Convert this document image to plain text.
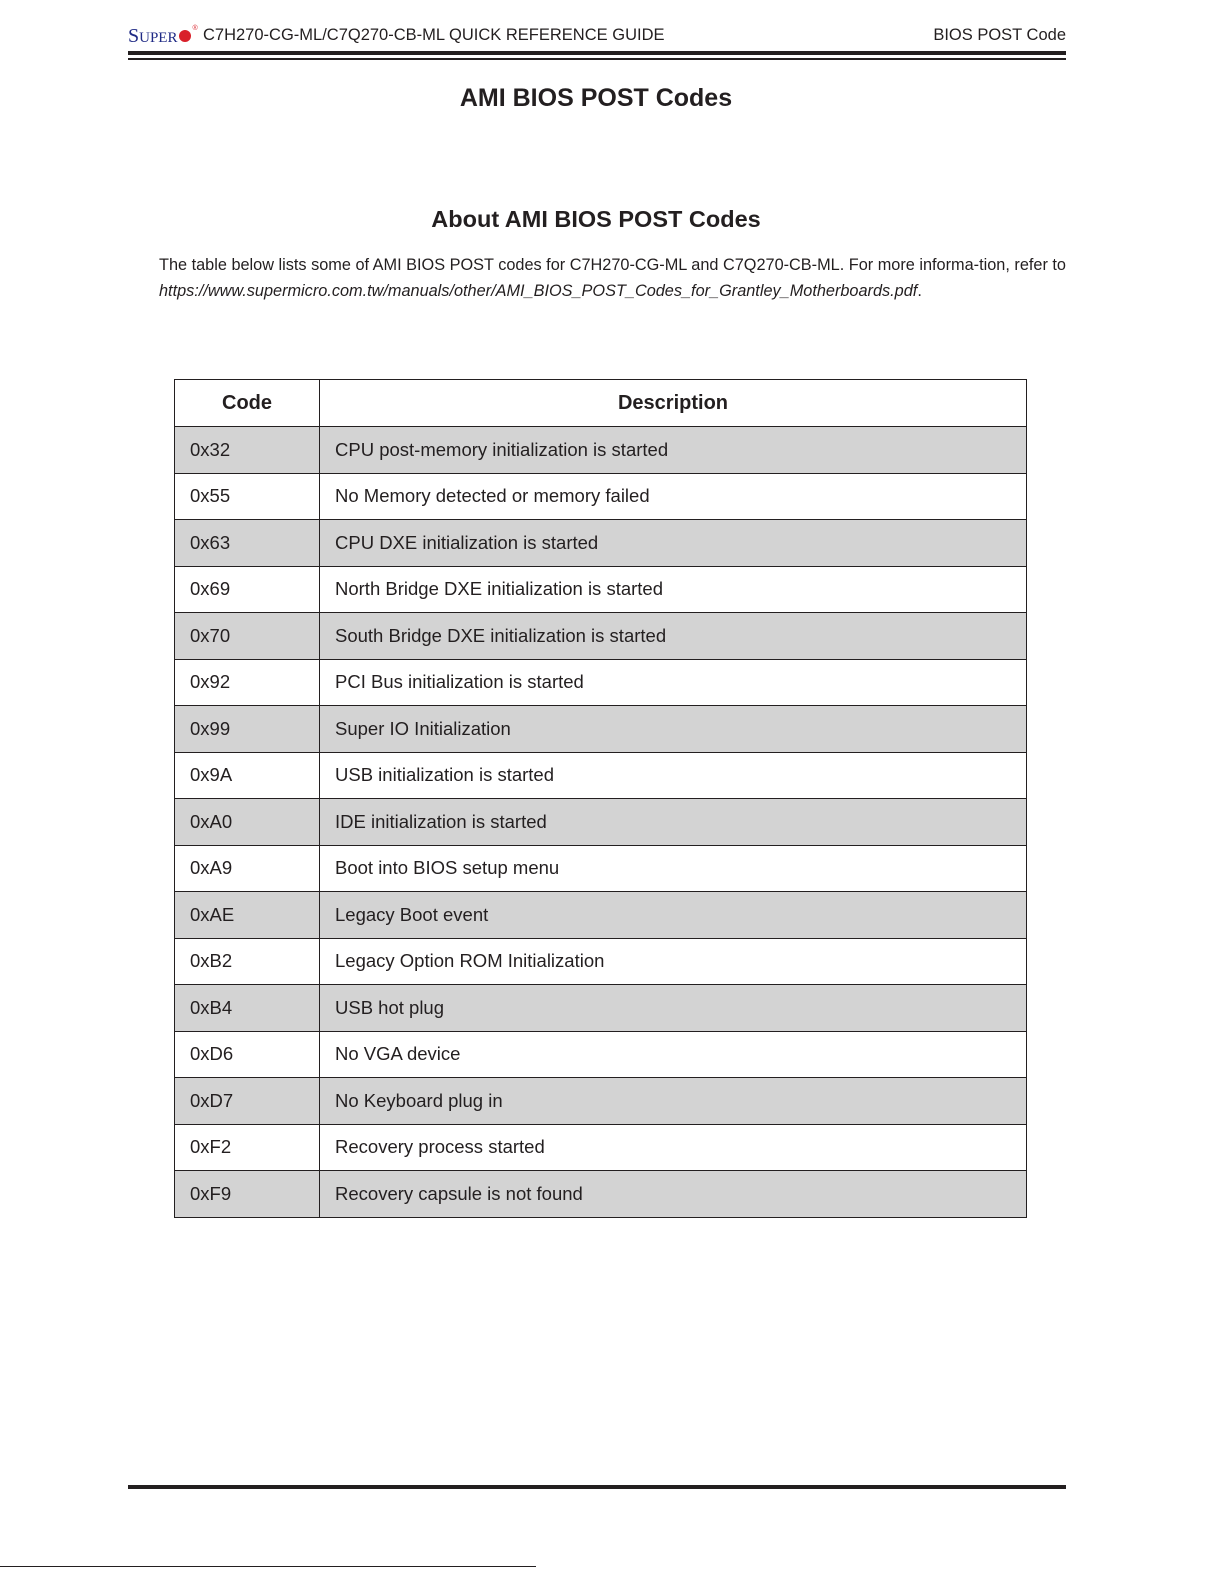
SUPER
® C7H270-CG-ML/C7Q270-CB-ML QUICK REFERENCE GUIDE	BIOS POST Code
AMI BIOS POST Codes
About AMI BIOS POST Codes

The table below lists some of AMI BIOS POST codes for C7H270-CG-ML and C7Q270-CB-ML. For more informa-tion, refer to https://www.supermicro.com.tw/manuals/other/AMI_BIOS_POST_Codes_for_Grantley_Motherboards.pdf.

Code	Description
0x32	CPU post-memory initialization is started
0x55	No Memory detected or memory failed
0x63	CPU DXE initialization is started
0x69	North Bridge DXE initialization is started
0x70	South Bridge DXE initialization is started
0x92	PCI Bus initialization is started
0x99	Super IO Initialization
0x9A	USB initialization is started
0xA0	IDE initialization is started
0xA9	Boot into BIOS setup menu
0xAE	Legacy Boot event
0xB2	Legacy Option ROM Initialization
0xB4	USB hot plug
0xD6	No VGA device
0xD7	No Keyboard plug in
0xF2	Recovery process started
0xF9	Recovery capsule is not found
